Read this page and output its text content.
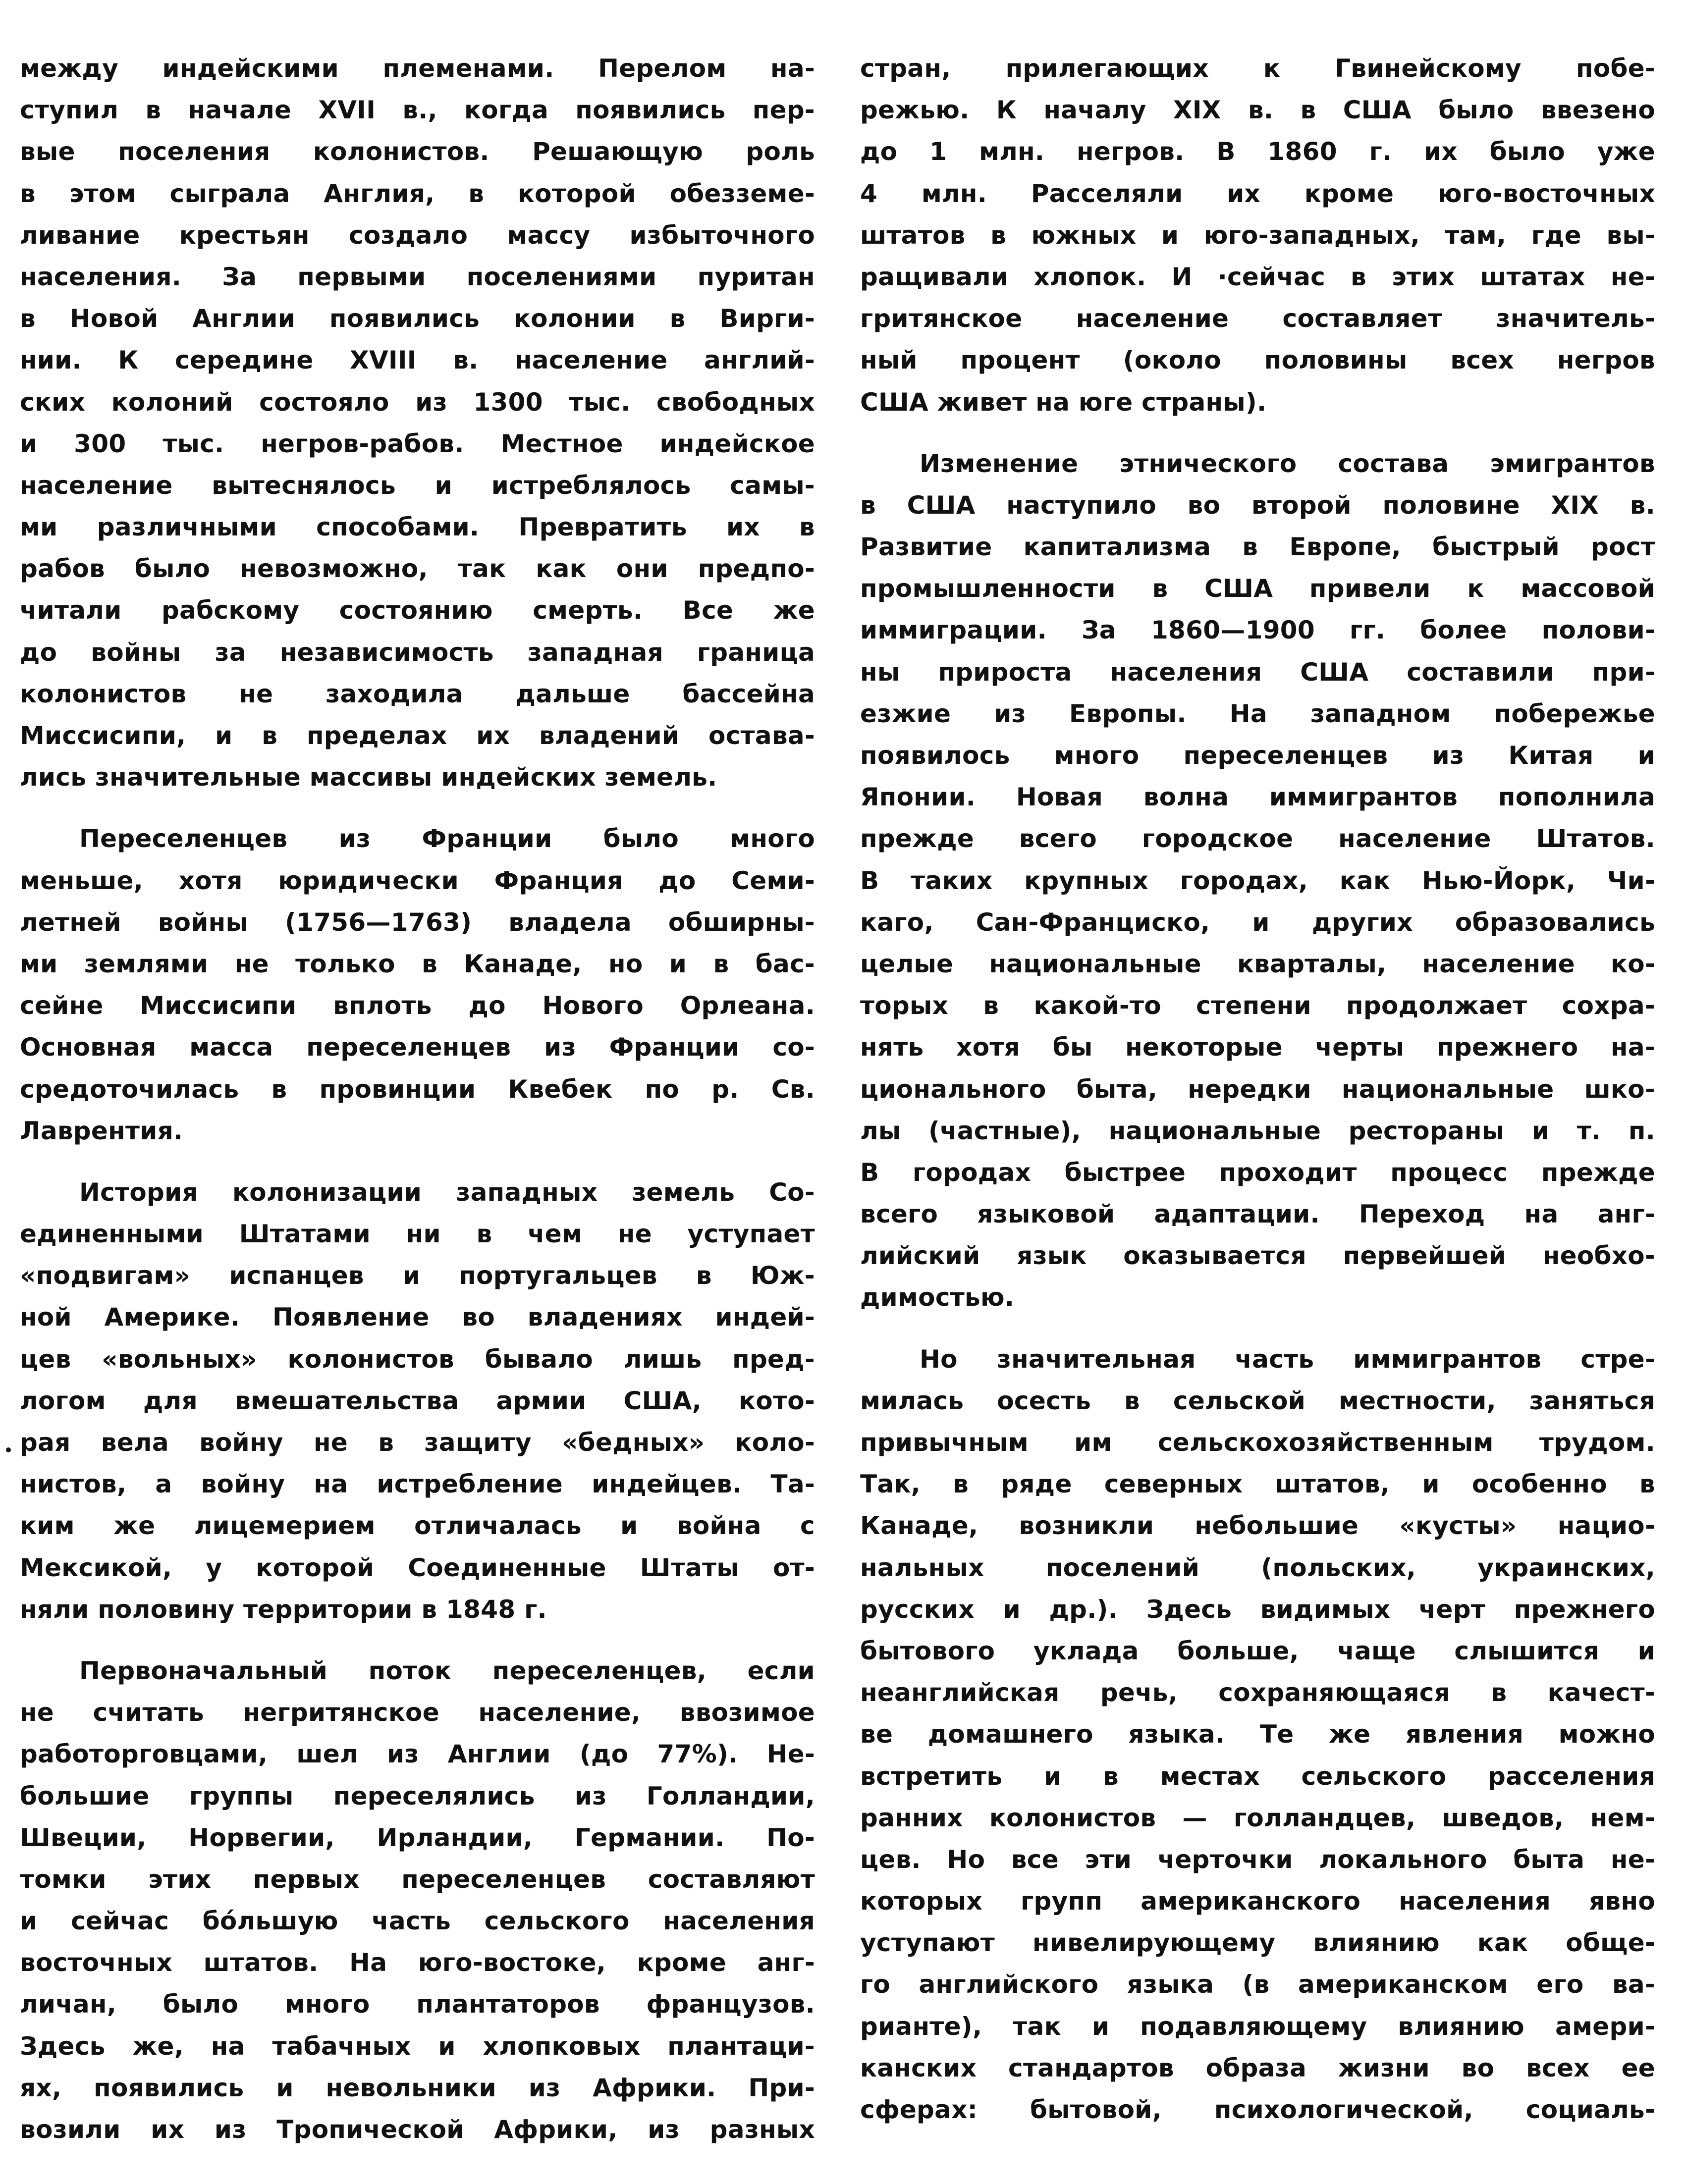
между индейскими племенами. Перелом на-
ступил в начале XVII в., когда появились пер-
вые поселения колонистов. Решающую роль
в этом сыграла Англия, в которой обезземе-
ливание крестьян создало массу избыточного
населения. За первыми поселениями пуритан
в Новой Англии появились колонии в Вирги-
нии. К середине XVIII в. население англий-
ских колоний состояло из 1300 тыс. свободных
и 300 тыс. негров-рабов. Местное индейское
население вытеснялось и истреблялось самы-
ми различными способами. Превратить их в
рабов было невозможно, так как они предпо-
читали рабскому состоянию смерть. Все же
до войны за независимость западная граница
колонистов не заходила дальше бассейна
Миссисипи, и в пределах их владений остава-
лись значительные массивы индейских земель.
Переселенцев из Франции было много
меньше, хотя юридически Франция до Семи-
летней войны (1756—1763) владела обширны-
ми землями не только в Канаде, но и в бас-
сейне Миссисипи вплоть до Нового Орлеана.
Основная масса переселенцев из Франции со-
средоточилась в провинции Квебек по р. Св.
Лаврентия.
История колонизации западных земель Со-
единенными Штатами ни в чем не уступает
«подвигам» испанцев и португальцев в Юж-
ной Америке. Появление во владениях индей-
цев «вольных» колонистов бывало лишь пред-
логом для вмешательства армии США, кото-
рая вела войну не в защиту «бедных» коло-
нистов, а войну на истребление индейцев. Та-
ким же лицемерием отличалась и война с
Мексикой, у которой Соединенные Штаты от-
няли половину территории в 1848 г.
Первоначальный поток переселенцев, если
не считать негритянское население, ввозимое
работорговцами, шел из Англии (до 77%). Не-
большие группы переселялись из Голландии,
Швеции, Норвегии, Ирландии, Германии. По-
томки этих первых переселенцев составляют
и сейчас бóльшую часть сельского населения
восточных штатов. На юго-востоке, кроме анг-
личан, было много плантаторов французов.
Здесь же, на табачных и хлопковых плантаци-
ях, появились и невольники из Африки. При-
возили их из Тропической Африки, из разных
стран, прилегающих к Гвинейскому побе-
режью. К началу XIX в. в США было ввезено
до 1 млн. негров. В 1860 г. их было уже
4 млн. Расселяли их кроме юго-восточных
штатов в южных и юго-западных, там, где вы-
ращивали хлопок. И ·сейчас в этих штатах не-
гритянское население составляет значитель-
ный процент (около половины всех негров
США живет на юге страны).
Изменение этнического состава эмигрантов
в США наступило во второй половине XIX в.
Развитие капитализма в Европе, быстрый рост
промышленности в США привели к массовой
иммиграции. За 1860—1900 гг. более полови-
ны прироста населения США составили при-
езжие из Европы. На западном побережье
появилось много переселенцев из Китая и
Японии. Новая волна иммигрантов пополнила
прежде всего городское население Штатов.
В таких крупных городах, как Нью-Йорк, Чи-
каго, Сан-Франциско, и других образовались
целые национальные кварталы, население ко-
торых в какой-то степени продолжает сохра-
нять хотя бы некоторые черты прежнего на-
ционального быта, нередки национальные шко-
лы (частные), национальные рестораны и т. п.
В городах быстрее проходит процесс прежде
всего языковой адаптации. Переход на анг-
лийский язык оказывается первейшей необхо-
димостью.
Но значительная часть иммигрантов стре-
милась осесть в сельской местности, заняться
привычным им сельскохозяйственным трудом.
Так, в ряде северных штатов, и особенно в
Канаде, возникли небольшие «кусты» нацио-
нальных поселений (польских, украинских,
русских и др.). Здесь видимых черт прежнего
бытового уклада больше, чаще слышится и
неанглийская речь, сохраняющаяся в качест-
ве домашнего языка. Те же явления можно
встретить и в местах сельского расселения
ранних колонистов — голландцев, шведов, нем-
цев. Но все эти черточки локального быта не-
которых групп американского населения явно
уступают нивелирующему влиянию как обще-
го английского языка (в американском его ва-
рианте), так и подавляющему влиянию амери-
канских стандартов образа жизни во всех ее
сферах: бытовой, психологической, социаль-
